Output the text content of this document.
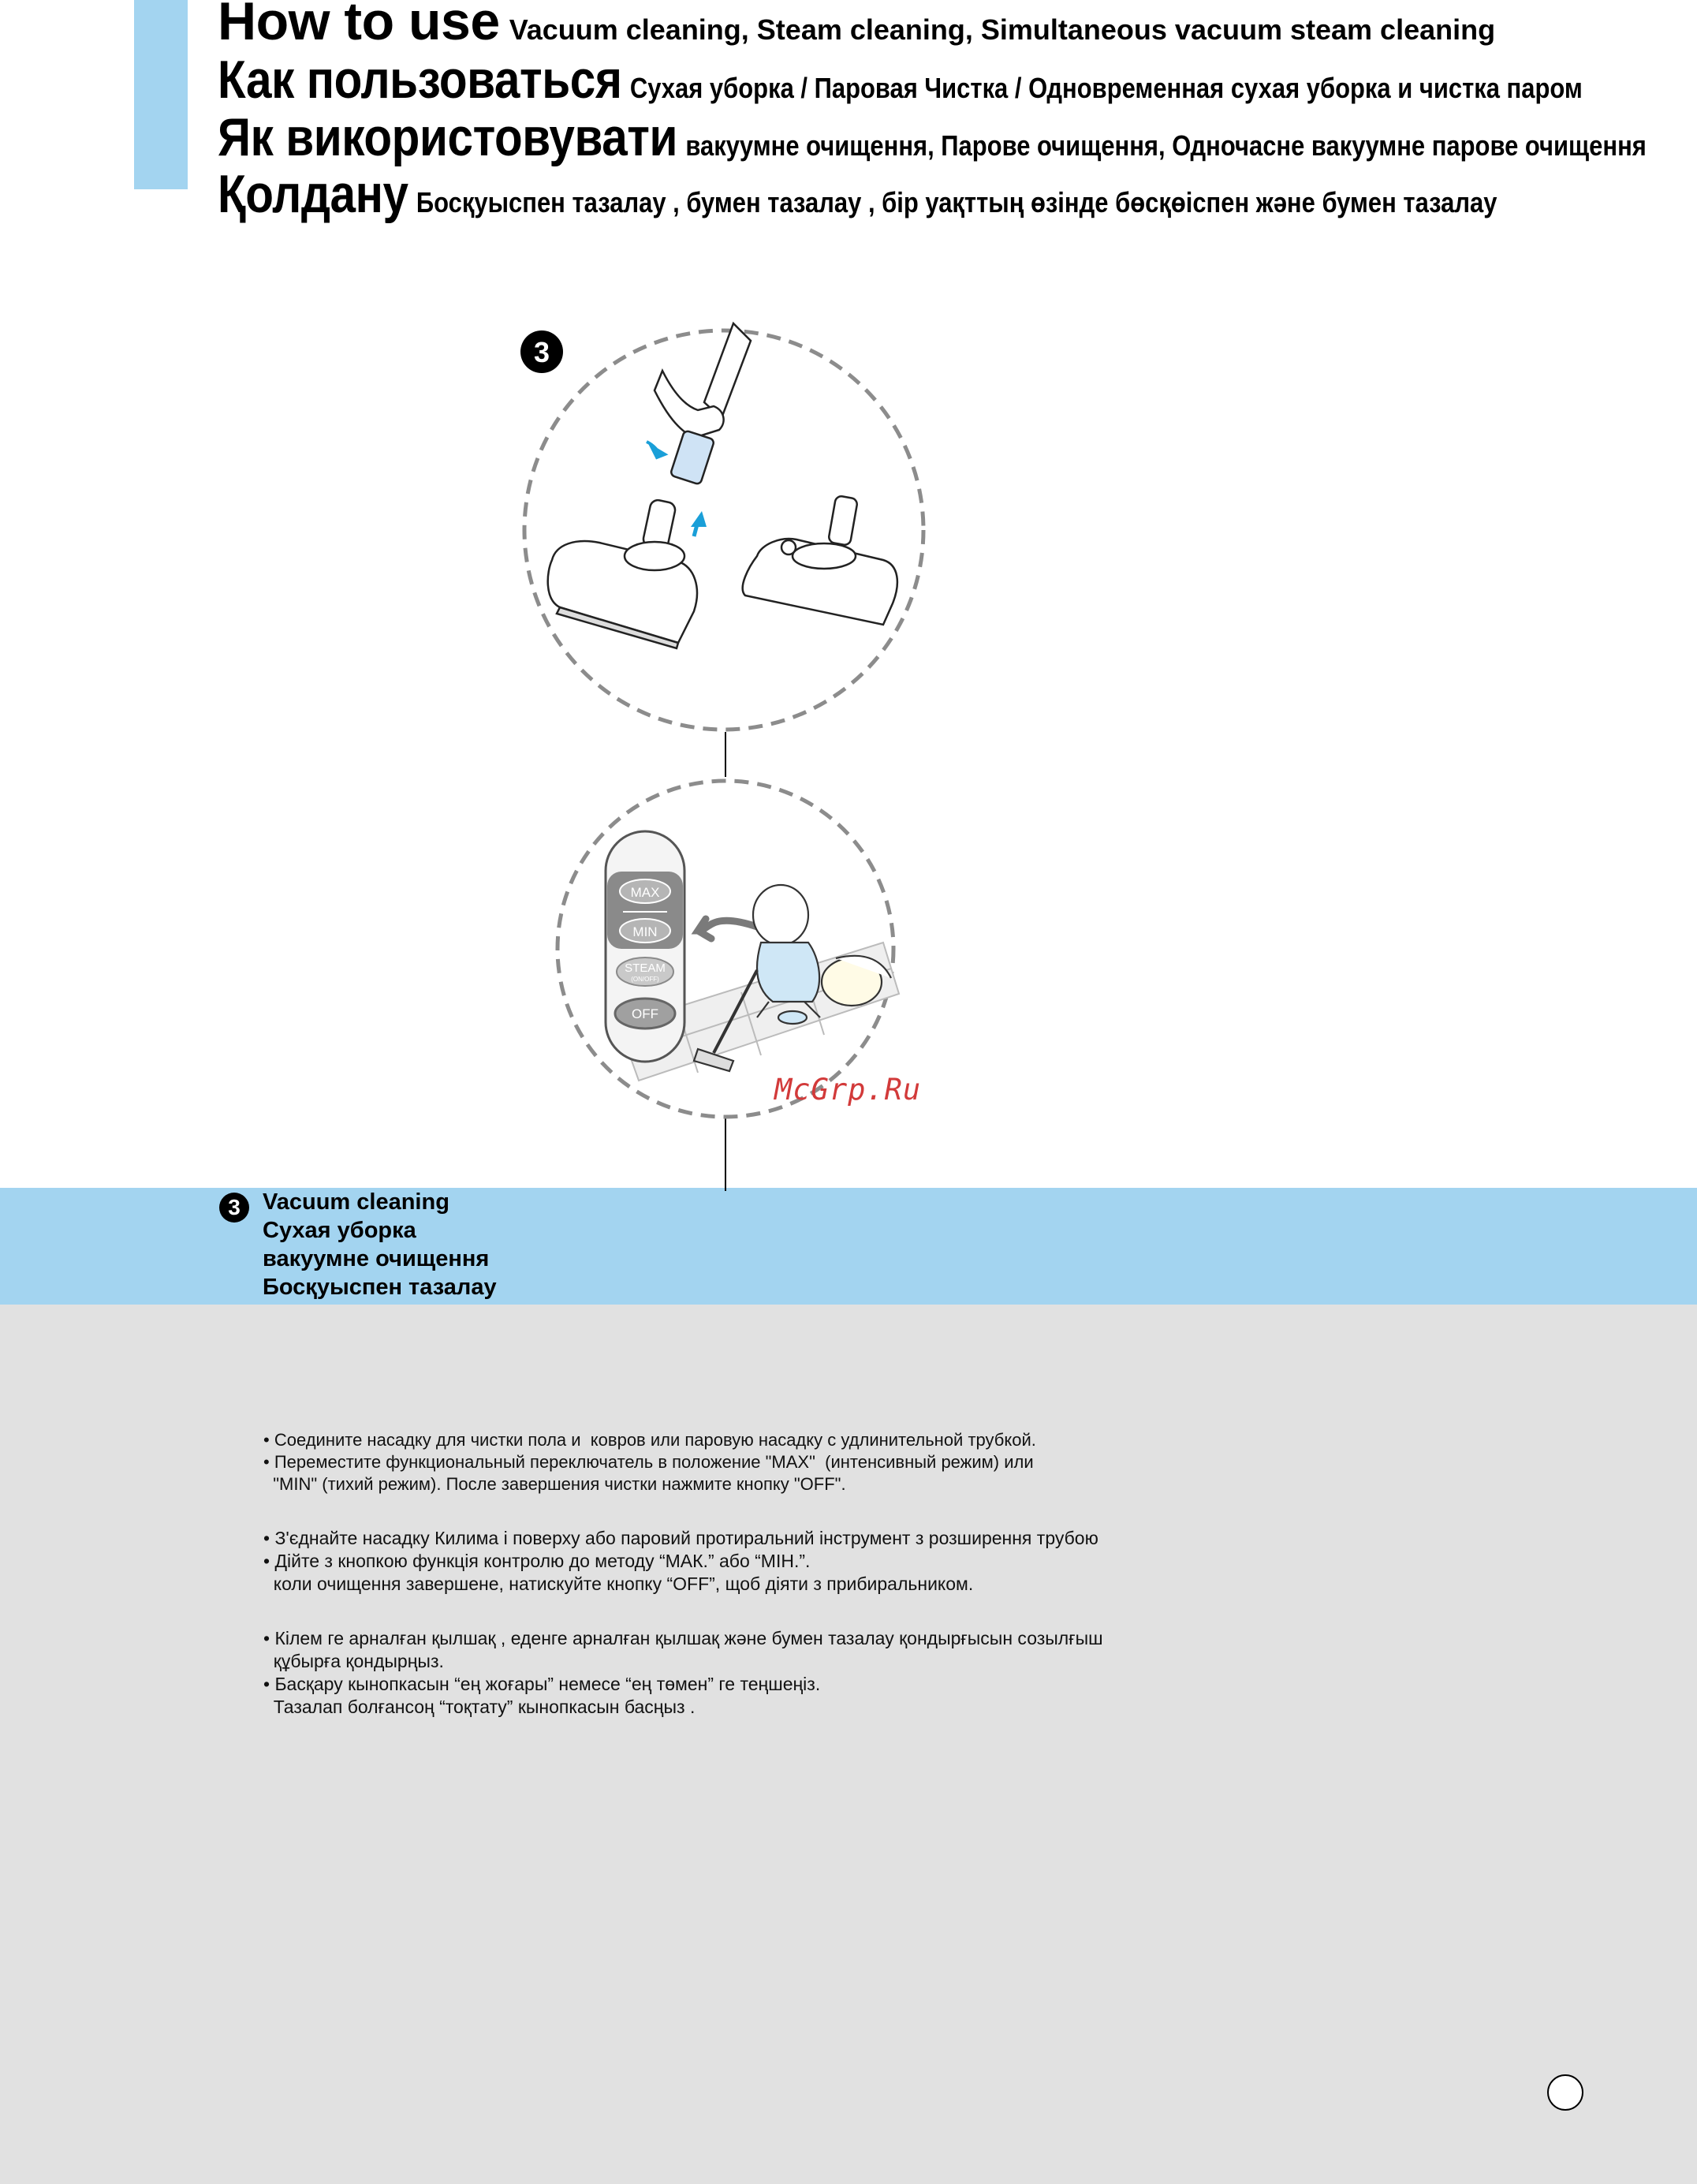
How to use Vacuum cleaning, Steam cleaning, Simultaneous vacuum steam cleaning
Как пользоваться Сухая уборка / Паровая Чистка / Одновременная сухая уборка и чистка паром
Як використовувати вакуумне очищення, Парове очищення, Одночасне вакуумне парове очищення
Қолдану Босқуыспен тазалау , бумен тазалау , бір уақттың өзінде бөсқөіспен және бумен тазалау
3
MAX
MIN
STEAM
(ON/OFF)
OFF
McGrp.Ru
3 Vacuum cleaning
Сухая уборка
вакуумне очищення
Босқуыспен тазалау
• Соедините насадку для чистки пола и  ковров или паровую насадку с удлинительной трубкой.
• Переместите функциональный переключатель в положение "MAX"  (интенсивный режим) или
"MIN" (тихий режим). После завершения чистки нажмите кнопку "OFF".
• З'єднайте насадку Килима і поверху або паровий протиральний інструмент з розширення трубою
• Дійте з кнопкою функція контролю до методу “МАК.” або “МІН.”.
коли очищення завершене, натискуйте кнопку “OFF”, щоб діяти з прибиральником.
• Кілем ге арналған қылшақ , еденге арналған қылшақ және бумен тазалау қондырғысын созылғыш
құбырға қондырңыз.
• Басқару кынопкасын “ең жоғары” немесе “ең төмен” ге теңшеңіз.
Тазалап болғансоң “тоқтату” кынопкасын басңыз .
